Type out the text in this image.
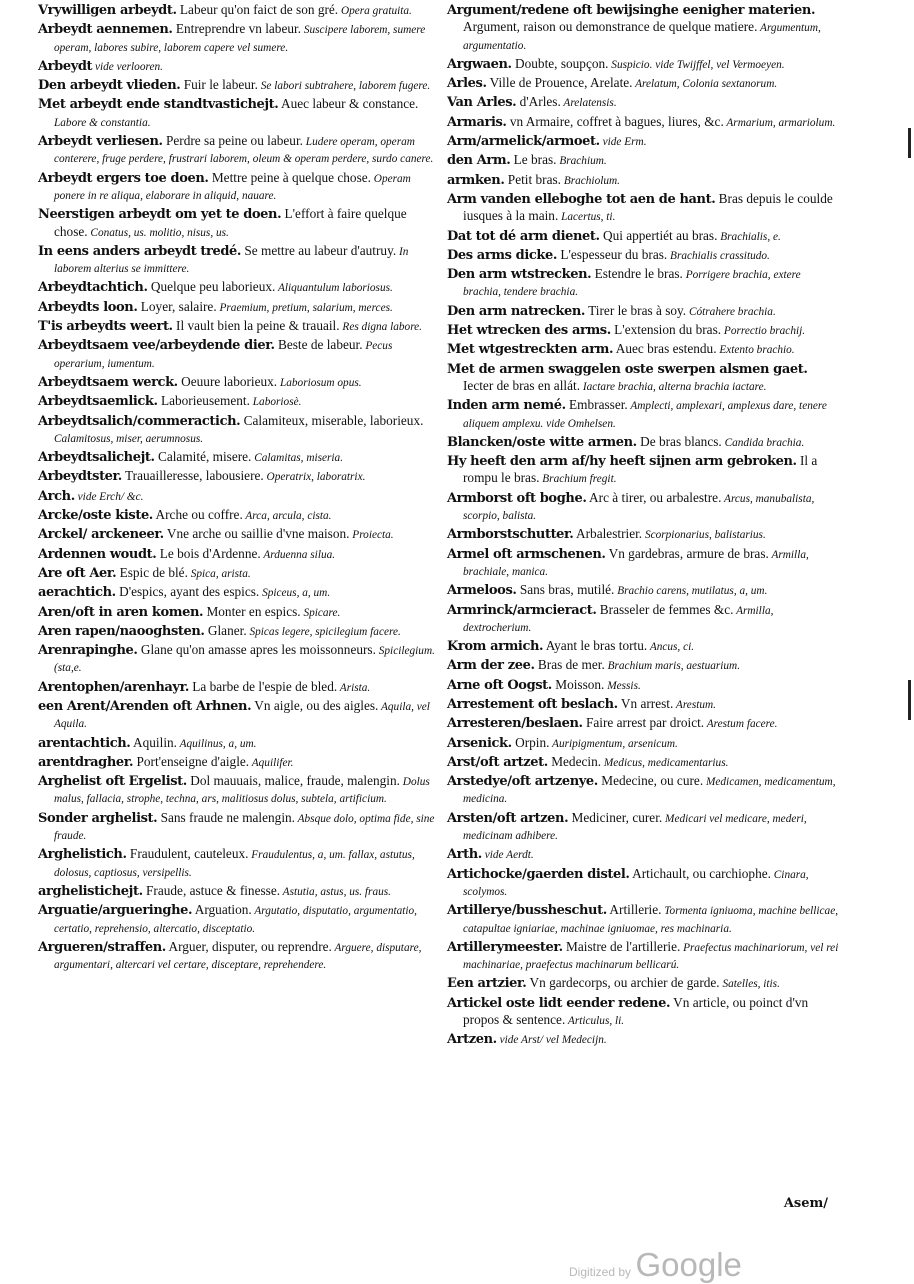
Vrywilligen arbeydt. Labeur qu'on faict de son gré. Opera gratuita.
Arbeydt aennemen. Entreprendre vn labeur. Suscipere laborem, sumere operam, labores subire, laborem capere vel sumere.
Arbeydt vide verlooren.
Den arbeydt vlieden. Fuir le labeur. Se labori subtrahere, laborem fugere.
Met arbeydt ende standtvastichejt. Auec labeur & constance. Labore & constantia.
Arbeydt verliesen. Perdre sa peine ou labeur. Ludere operam, operam conterere, fruge perdere, frustrari laborem, oleum & operam perdere, surdo canere.
Arbeydt ergers toe doen. Mettre peine à quelque chose. Operam ponere in re aliqua, elaborare in aliquid, nauare.
Neerstigen arbeydt om yet te doen. L'effort à faire quelque chose. Conatus, us. molitio, nisus, us.
In eens anders arbeydt tredé. Se mettre au labeur d'autruy. In laborem alterius se immittere.
Arbeydtachtich. Quelque peu laborieux. Aliquantulum laboriosus.
Arbeydts loon. Loyer, salaire. Praemium, pretium, salarium, merces.
T'is arbeydts weert. Il vault bien la peine & trauail. Res digna labore.
Arbeydtsaem vee/arbeydende dier. Beste de labeur. Pecus operarium, iumentum.
Arbeydtsaem werck. Oeuure laborieux. Laboriosum opus.
Arbeydtsaemlick. Laborieusement. Laboriosè.
Arbeydtsalich/commeractich. Calamiteux, miserable, laborieux. Calamitosus, miser, aerumnosus.
Arbeydtsalichejt. Calamité, misere. Calamitas, miseria.
Arbeydtster. Trauailleresse, labousiere. Operatrix, laboratrix.
Arch. vide Erch/ &c.
Arcke/oste kiste. Arche ou coffre. Arca, arcula, cista.
Arckel/ arckeneer. Vne arche ou saillie d'vne maison. Proiecta.
Ardennen woudt. Le bois d'Ardenne. Arduenna silua.
Are oft Aer. Espic de blé. Spica, arista.
aerachtich. D'espics, ayant des espics. Spiceus, a, um.
Aren/oft in aren komen. Monter en espics. Spicare.
Aren rapen/naooghsten. Glaner. Spicas legere, spicilegium facere.
Arenrapinghe. Glane qu'on amasse apres les moissonneurs. Spicilegium. (sta,e.
Arentophen/arenhayr. La barbe de l'espie de bled. Arista.
een Arent/Arenden oft Arhnen. Vn aigle, ou des aigles. Aquila, vel Aquila.
arentachtich. Aquilin. Aquilinus, a, um.
arentdragher. Port'enseigne d'aigle. Aquilifer.
Arghelist oft Ergelist. Dol mauuais, malice, fraude, malengin. Dolus malus, fallacia, strophe, techna, ars, malitiosus dolus, subtela, artificium.
Sonder arghelist. Sans fraude ne malengin. Absque dolo, optima fide, sine fraude.
Arghelistich. Fraudulent, cauteleux. Fraudulentus, a, um. fallax, astutus, dolosus, captiosus, versipellis.
arghelistichejt. Fraude, astuce & finesse. Astutia, astus, us. fraus.
Arguatie/argueringhe. Arguation. Argutatio, disputatio, argumentatio, certatio, reprehensio, altercatio, disceptatio.
Argueren/straffen. Arguer, disputer, ou reprendre. Arguere, disputare, argumentari, altercari vel certare, disceptare, reprehendere.
Argument/redene oft bewijsinghe eenigher materien. Argument, raison ou demonstrance de quelque matiere. Argumentum, argumentatio.
Argwaen. Doubte, soupçon. Suspicio. vide Twijffel, vel Vermoeyen.
Arles. Ville de Prouence, Arelate. Arelatum, Colonia sextanorum.
Van Arles. d'Arles. Arelatensis.
Armaris. vn Armaire, coffret à bagues, liures, &c. Armarium, armariolum.
Arm/armelick/armoet. vide Erm.
den Arm. Le bras. Brachium.
armken. Petit bras. Brachiolum.
Arm vanden elleboghe tot aen de hant. Bras depuis le coulde iusques à la main. Lacertus, ti.
Dat tot dé arm dienet. Qui appertiét au bras. Brachialis, e.
Des arms dicke. L'espesseur du bras. Brachialis crassitudo.
Den arm wtstrecken. Estendre le bras. Porrigere brachia, extere brachia, tendere brachia.
Den arm natrecken. Tirer le bras à soy. Cótrahere brachia.
Het wtrecken des arms. L'extension du bras. Porrectio brachij.
Met wtgestreckten arm. Auec bras estendu. Extento brachio.
Met de armen swaggelen oste swerpen alsmen gaet. Iecter de bras en allát. Iactare brachia, alterna brachia iactare.
Inden arm nemé. Embrasser. Amplecti, amplexari, amplexus dare, tenere aliquem amplexu. vide Omhelsen.
Blancken/oste witte armen. De bras blancs. Candida brachia.
Hy heeft den arm af/hy heeft sijnen arm gebroken. Il a rompu le bras. Brachium fregit.
Armborst oft boghe. Arc à tirer, ou arbalestre. Arcus, manubalista, scorpio, balista.
Armborstschutter. Arbalestrier. Scorpionarius, balistarius.
Armel oft armschenen. Vn gardebras, armure de bras. Armilla, brachiale, manica.
Armeloos. Sans bras, mutilé. Brachio carens, mutilatus, a, um.
Armrinck/armcieract. Brasseler de femmes &c. Armilla, dextrocherium.
Krom armich. Ayant le bras tortu. Ancus, ci.
Arm der zee. Bras de mer. Brachium maris, aestuarium.
Arne oft Oogst. Moisson. Messis.
Arrestement oft beslach. Vn arrest. Arestum.
Arresteren/beslaen. Faire arrest par droict. Arestum facere.
Arsenick. Orpin. Auripigmentum, arsenicum.
Arst/oft artzet. Medecin. Medicus, medicamentarius.
Arstedye/oft artzenye. Medecine, ou cure. Medicamen, medicamentum, medicina.
Arsten/oft artzen. Mediciner, curer. Medicari vel medicare, mederi, medicinam adhibere.
Arth. vide Aerdt.
Artichocke/gaerden distel. Artichault, ou carchiophe. Cinara, scolymos.
Artillerye/bussheschut. Artillerie. Tormenta igniuoma, machine bellicae, catapultae igniariae, machinae igniuomae, res machinaria.
Artillerymeester. Maistre de l'artillerie. Praefectus machinariorum, vel rei machinariae, praefectus machinarum bellicarú.
Een artzier. Vn gardecorps, ou archier de garde. Satelles, itis.
Artickel oste lidt eender redene. Vn article, ou poinct d'vn propos & sentence. Articulus, li.
Artzen. vide Arst/ vel Medecijn.
Asem/
Digitized by Google
